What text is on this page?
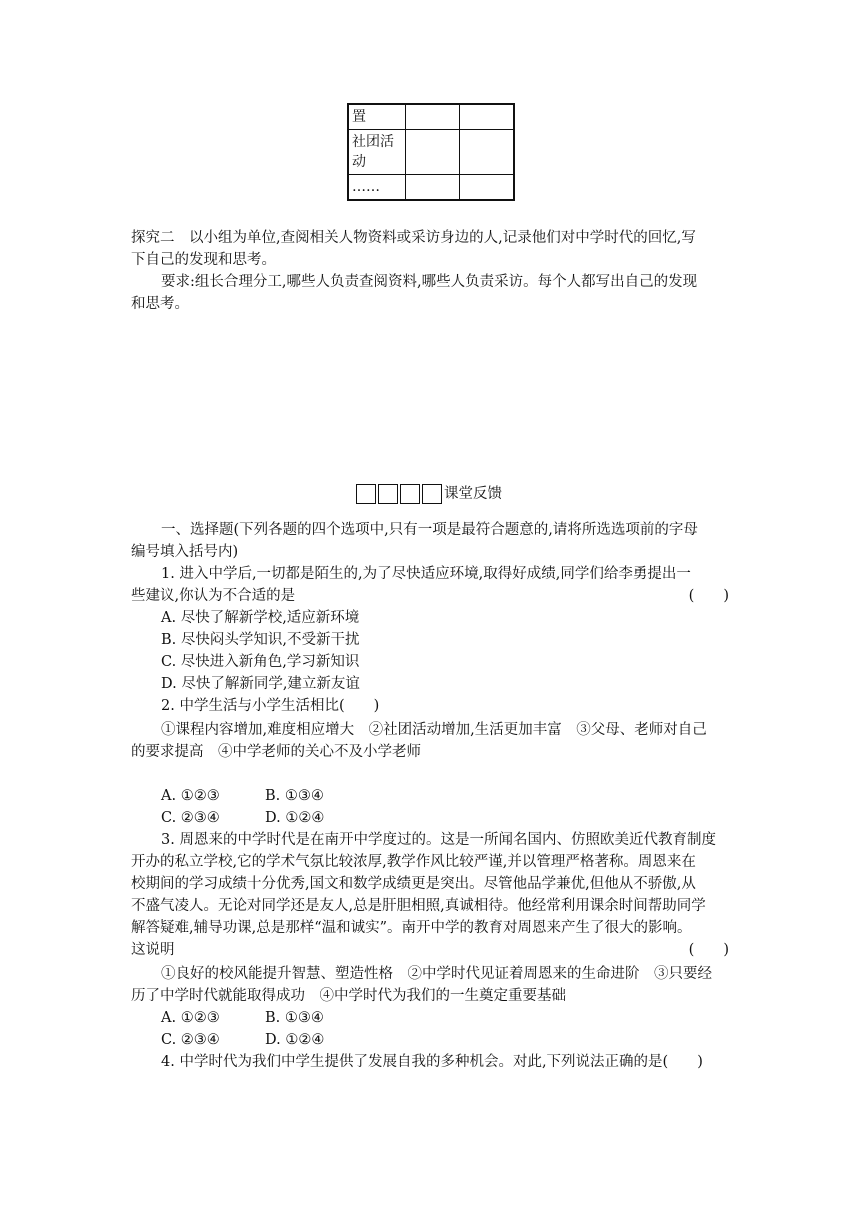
置		
社团活动		
……		
探究二　以小组为单位,查阅相关人物资料或采访身边的人,记录他们对中学时代的回忆,写
下自己的发现和思考。
要求:组长合理分工,哪些人负责查阅资料,哪些人负责采访。每个人都写出自己的发现
和思考。
课堂反馈
一、选择题(下列各题的四个选项中,只有一项是最符合题意的,请将所选选项前的字母
编号填入括号内)
1. 进入中学后,一切都是陌生的,为了尽快适应环境,取得好成绩,同学们给李勇提出一
些建议,你认为不合适的是	(　　)
A. 尽快了解新学校,适应新环境
B. 尽快闷头学知识,不受新干扰
C. 尽快进入新角色,学习新知识
D. 尽快了解新同学,建立新友谊
2. 中学生活与小学生活相比(　　)
①课程内容增加,难度相应增大　②社团活动增加,生活更加丰富　③父母、老师对自己
的要求提高　④中学老师的关心不及小学老师
A. ①②③	B. ①③④
C. ②③④	D. ①②④
3. 周恩来的中学时代是在南开中学度过的。这是一所闻名国内、仿照欧美近代教育制度
开办的私立学校,它的学术气氛比较浓厚,教学作风比较严谨,并以管理严格著称。周恩来在
校期间的学习成绩十分优秀,国文和数学成绩更是突出。尽管他品学兼优,但他从不骄傲,从
不盛气凌人。无论对同学还是友人,总是肝胆相照,真诚相待。他经常利用课余时间帮助同学
解答疑难,辅导功课,总是那样“温和诚实”。南开中学的教育对周恩来产生了很大的影响。
这说明	(　　)
①良好的校风能提升智慧、塑造性格　②中学时代见证着周恩来的生命进阶　③只要经
历了中学时代就能取得成功　④中学时代为我们的一生奠定重要基础
A. ①②③	B. ①③④
C. ②③④	D. ①②④
4. 中学时代为我们中学生提供了发展自我的多种机会。对此,下列说法正确的是(　　)
